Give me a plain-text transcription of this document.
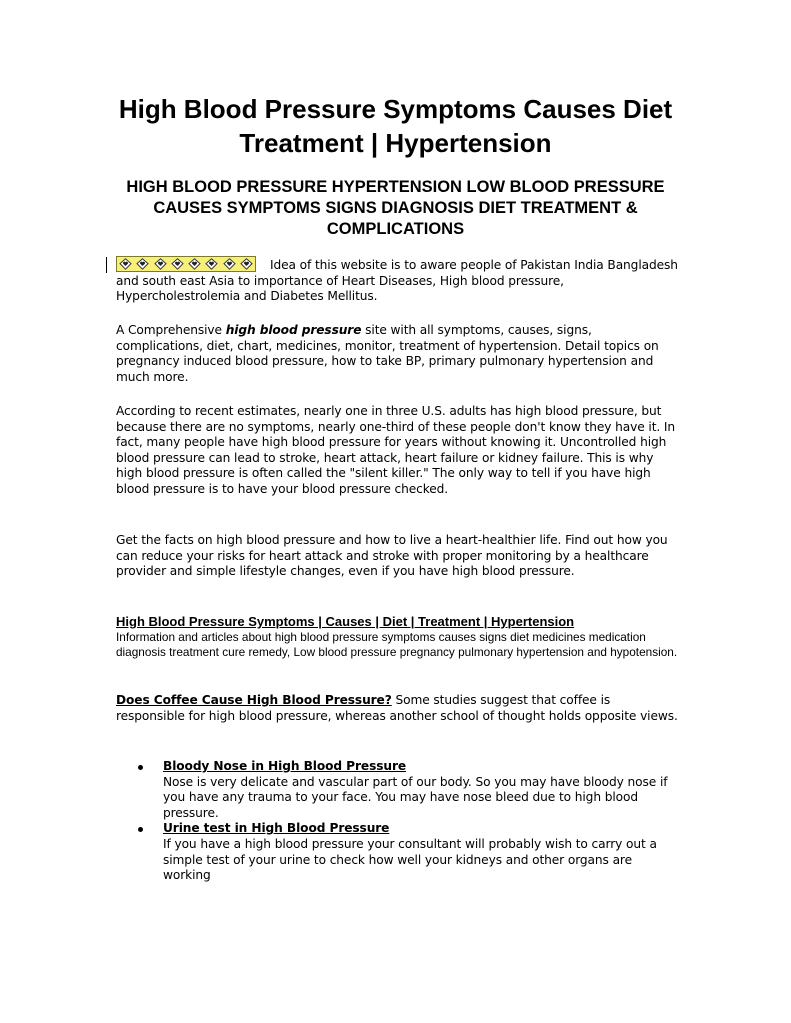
High Blood Pressure Symptoms Causes Diet Treatment | Hypertension
HIGH BLOOD PRESSURE HYPERTENSION LOW BLOOD PRESSURE CAUSES SYMPTOMS SIGNS DIAGNOSIS DIET TREATMENT & COMPLICATIONS

Idea of this website is to aware people of Pakistan India Bangladesh and south east Asia to importance of Heart Diseases, High blood pressure, Hypercholestrolemia and Diabetes Mellitus.

A Comprehensive high blood pressure site with all symptoms, causes, signs, complications, diet, chart, medicines, monitor, treatment of hypertension. Detail topics on pregnancy induced blood pressure, how to take BP, primary pulmonary hypertension and much more.

According to recent estimates, nearly one in three U.S. adults has high blood pressure, but because there are no symptoms, nearly one-third of these people don't know they have it. In fact, many people have high blood pressure for years without knowing it. Uncontrolled high blood pressure can lead to stroke, heart attack, heart failure or kidney failure. This is why high blood pressure is often called the "silent killer." The only way to tell if you have high blood pressure is to have your blood pressure checked.

Get the facts on high blood pressure and how to live a heart-healthier life. Find out how you can reduce your risks for heart attack and stroke with proper monitoring by a healthcare provider and simple lifestyle changes, even if you have high blood pressure.

High Blood Pressure Symptoms | Causes | Diet | Treatment | Hypertension
Information and articles about high blood pressure symptoms causes signs diet medicines medication diagnosis treatment cure remedy, Low blood pressure pregnancy pulmonary hypertension and hypotension.

Does Coffee Cause High Blood Pressure? Some studies suggest that coffee is responsible for high blood pressure, whereas another school of thought holds opposite views.

Bloody Nose in High Blood Pressure
Nose is very delicate and vascular part of our body. So you may have bloody nose if you have any trauma to your face. You may have nose bleed due to high blood pressure.
Urine test in High Blood Pressure
If you have a high blood pressure your consultant will probably wish to carry out a simple test of your urine to check how well your kidneys and other organs are working
